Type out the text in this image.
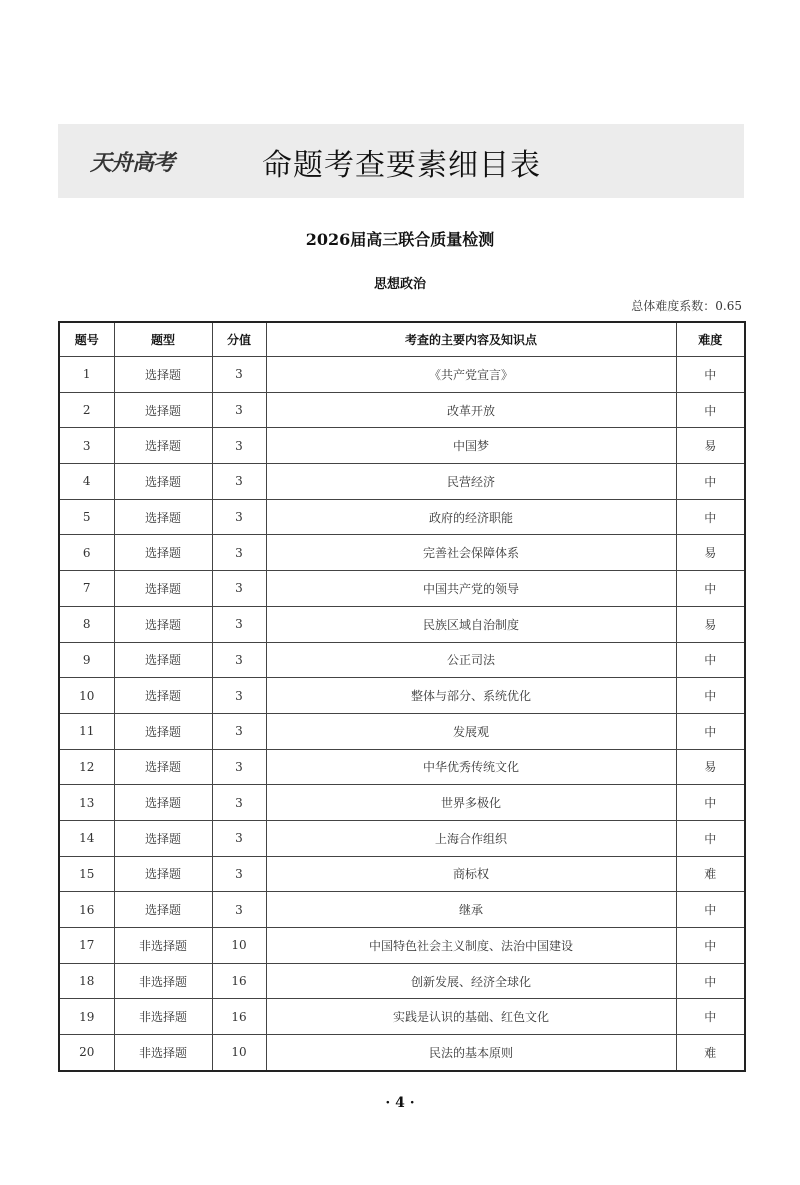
天舟高考	命题考查要素细目表
2026届高三联合质量检测
思想政治
总体难度系数：0.65
题号	题型	分值	考查的主要内容及知识点	难度
1	选择题	3	《共产党宣言》	中
2	选择题	3	改革开放	中
3	选择题	3	中国梦	易
4	选择题	3	民营经济	中
5	选择题	3	政府的经济职能	中
6	选择题	3	完善社会保障体系	易
7	选择题	3	中国共产党的领导	中
8	选择题	3	民族区域自治制度	易
9	选择题	3	公正司法	中
10	选择题	3	整体与部分、系统优化	中
11	选择题	3	发展观	中
12	选择题	3	中华优秀传统文化	易
13	选择题	3	世界多极化	中
14	选择题	3	上海合作组织	中
15	选择题	3	商标权	难
16	选择题	3	继承	中
17	非选择题	10	中国特色社会主义制度、法治中国建设	中
18	非选择题	16	创新发展、经济全球化	中
19	非选择题	16	实践是认识的基础、红色文化	中
20	非选择题	10	民法的基本原则	难
· 4 ·
